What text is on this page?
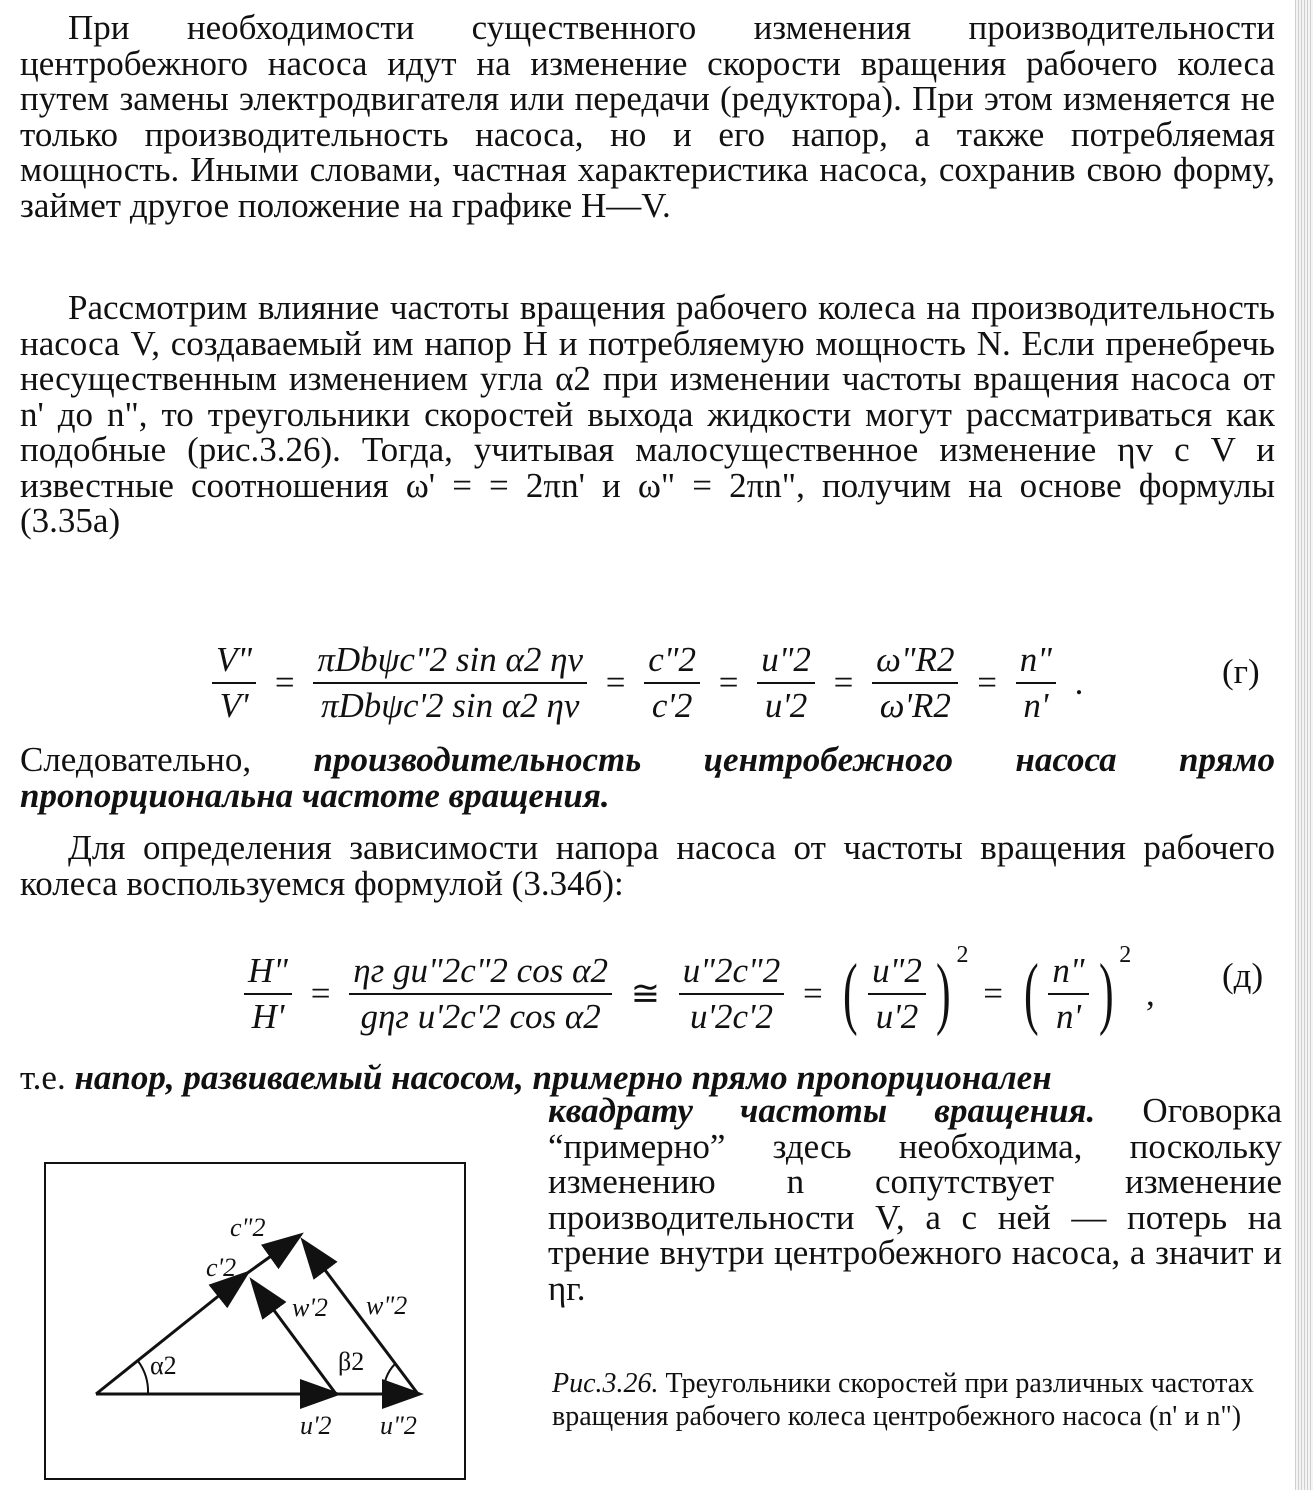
При необходимости существенного изменения производительности центробежного насоса идут на изменение скорости вращения рабочего колеса путем замены электродвигателя или передачи (редуктора). При этом изменяется не только производительность насоса, но и его напор, а также потребляемая мощность. Иными словами, частная характеристика насоса, сохранив свою форму, займет другое положение на графике H—V.

Рассмотрим влияние частоты вращения рабочего колеса на производительность насоса V, создаваемый им напор H и потребляемую мощность N. Если пренебречь несущественным изменением угла α2 при изменении частоты вращения насоса от n' до n", то треугольники скоростей выхода жидкости могут рассматриваться как подобные (рис.3.26). Тогда, учитывая малосущественное изменение ηv с V и известные соотношения ω' = = 2πn' и ω" = 2πn", получим на основе формулы (3.35а)

$\frac{V"}{V'} = \frac{\text{πDbψc"2 sin α2 ηv}}{\text{πDbψc'2 sin α2 ηv}} = \frac{c"2}{c'2} = \frac{u"2}{u'2} = \frac{\omega"R2}{\omega'R2} = \frac{n"}{n'}$ .	(г)

Следовательно, производительность центробежного насоса прямо пропорциональна частоте вращения.

Для определения зависимости напора насоса от частоты вращения рабочего колеса воспользуемся формулой (3.34б):

$\frac{H"}{H'} = \frac{\text{ηг gu"2c"2 cos α2}}{\text{gηг u'2c'2 cos α2}}$ ≅ $\frac{u"2c"2}{u'2c'2}$ = ( $\frac{u"2}{u'2}$ ) 2 = ( $\frac{n"}{n'}$ ) 2 , (д)

т.е. напор, развиваемый насосом, примерно прямо пропорционален

квадрату частоты вращения. Оговорка “примерно” здесь необходима, поскольку изменению n сопутствует изменение производительности V, а с ней — потерь на трение внутри центробежного насоса, а значит и ηг.

c"2
c'2
α2
w'2 w"2
β2
u'2 u"2

Рис.3.26. Треугольники скоростей при различных частотах вращения рабочего колеса центробежного насоса (n' и n")
